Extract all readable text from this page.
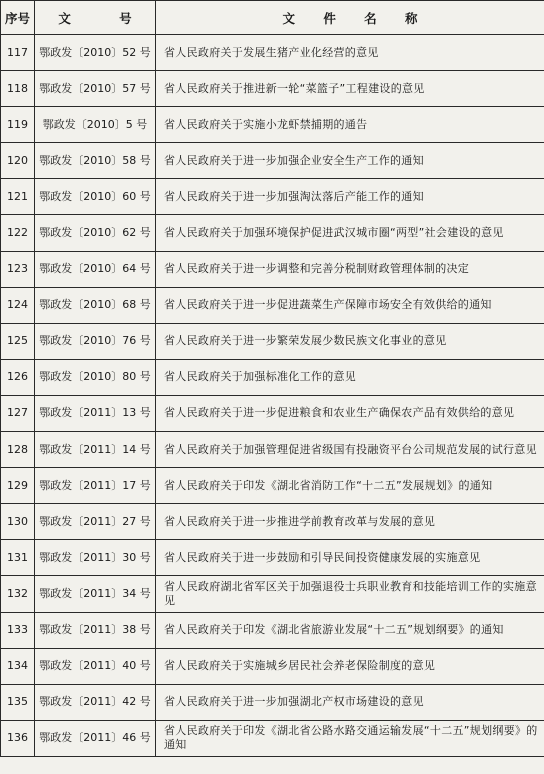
序号	文 号	文 件 名 称
117	鄂政发〔2010〕52 号	省人民政府关于发展生猪产业化经营的意见
118	鄂政发〔2010〕57 号	省人民政府关于推进新一轮“菜篮子”工程建设的意见
119	鄂政发〔2010〕5 号	省人民政府关于实施小龙虾禁捕期的通告
120	鄂政发〔2010〕58 号	省人民政府关于进一步加强企业安全生产工作的通知
121	鄂政发〔2010〕60 号	省人民政府关于进一步加强淘汰落后产能工作的通知
122	鄂政发〔2010〕62 号	省人民政府关于加强环境保护促进武汉城市圈“两型”社会建设的意见
123	鄂政发〔2010〕64 号	省人民政府关于进一步调整和完善分税制财政管理体制的决定
124	鄂政发〔2010〕68 号	省人民政府关于进一步促进蔬菜生产保障市场安全有效供给的通知
125	鄂政发〔2010〕76 号	省人民政府关于进一步繁荣发展少数民族文化事业的意见
126	鄂政发〔2010〕80 号	省人民政府关于加强标准化工作的意见
127	鄂政发〔2011〕13 号	省人民政府关于进一步促进粮食和农业生产确保农产品有效供给的意见
128	鄂政发〔2011〕14 号	省人民政府关于加强管理促进省级国有投融资平台公司规范发展的试行意见
129	鄂政发〔2011〕17 号	省人民政府关于印发《湖北省消防工作“十二五”发展规划》的通知
130	鄂政发〔2011〕27 号	省人民政府关于进一步推进学前教育改革与发展的意见
131	鄂政发〔2011〕30 号	省人民政府关于进一步鼓励和引导民间投资健康发展的实施意见
132	鄂政发〔2011〕34 号	省人民政府湖北省军区关于加强退役士兵职业教育和技能培训工作的实施意见
133	鄂政发〔2011〕38 号	省人民政府关于印发《湖北省旅游业发展“十二五”规划纲要》的通知
134	鄂政发〔2011〕40 号	省人民政府关于实施城乡居民社会养老保险制度的意见
135	鄂政发〔2011〕42 号	省人民政府关于进一步加强湖北产权市场建设的意见
136	鄂政发〔2011〕46 号	省人民政府关于印发《湖北省公路水路交通运输发展“十二五”规划纲要》的通知
